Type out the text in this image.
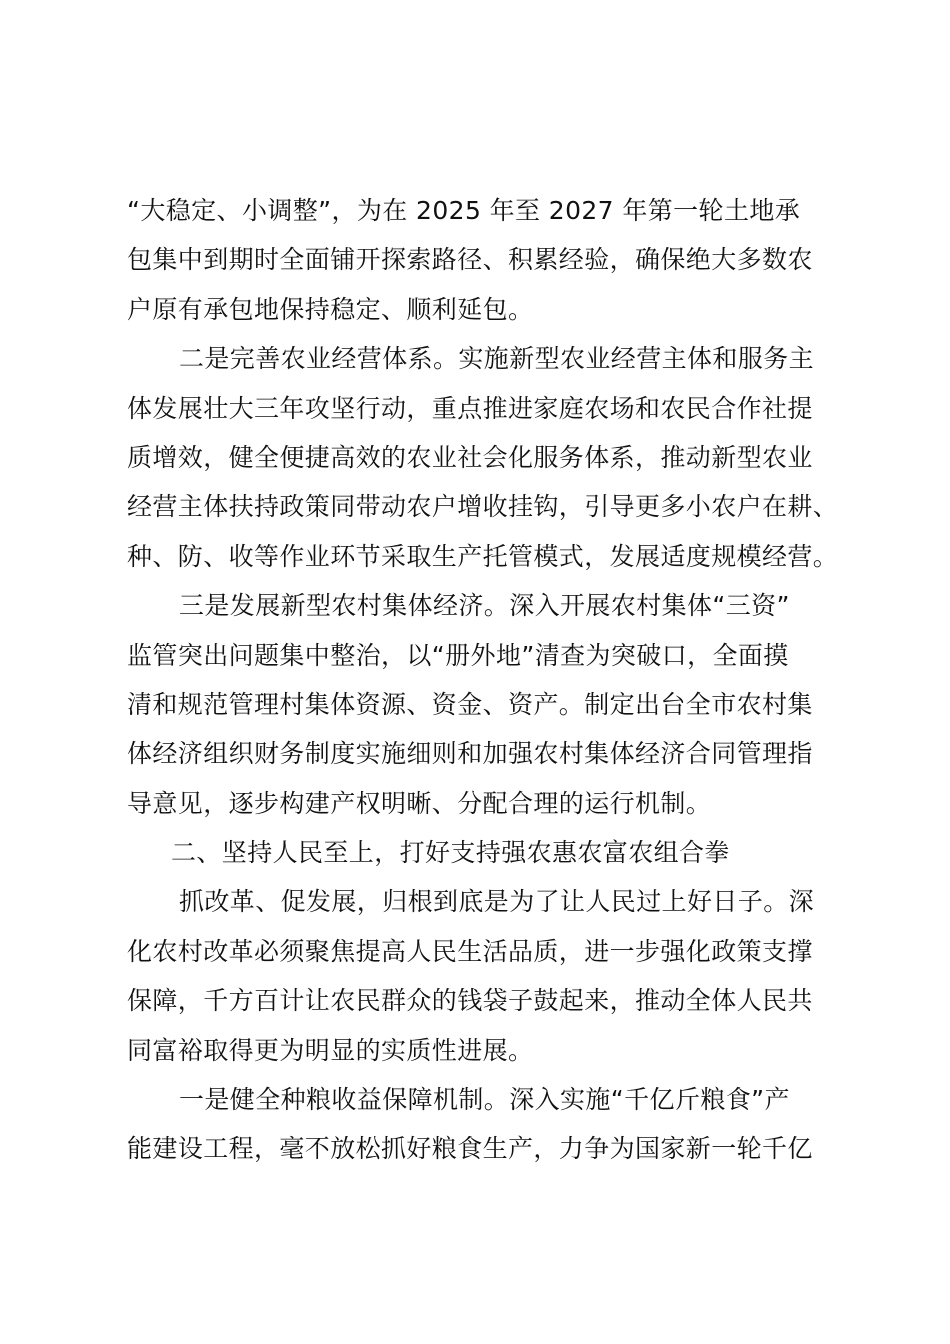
“大稳定、小调整”，为在 2025 年至 2027 年第一轮土地承
包集中到期时全面铺开探索路径、积累经验，确保绝大多数农
户原有承包地保持稳定、顺利延包。
二是完善农业经营体系。实施新型农业经营主体和服务主
体发展壮大三年攻坚行动，重点推进家庭农场和农民合作社提
质增效，健全便捷高效的农业社会化服务体系，推动新型农业
经营主体扶持政策同带动农户增收挂钩，引导更多小农户在耕、
种、防、收等作业环节采取生产托管模式，发展适度规模经营。
三是发展新型农村集体经济。深入开展农村集体“三资”
监管突出问题集中整治，以“册外地”清查为突破口，全面摸
清和规范管理村集体资源、资金、资产。制定出台全市农村集
体经济组织财务制度实施细则和加强农村集体经济合同管理指
导意见，逐步构建产权明晰、分配合理的运行机制。
二、坚持人民至上，打好支持强农惠农富农组合拳
抓改革、促发展，归根到底是为了让人民过上好日子。深
化农村改革必须聚焦提高人民生活品质，进一步强化政策支撑
保障，千方百计让农民群众的钱袋子鼓起来，推动全体人民共
同富裕取得更为明显的实质性进展。
一是健全种粮收益保障机制。深入实施“千亿斤粮食”产
能建设工程，毫不放松抓好粮食生产，力争为国家新一轮千亿
